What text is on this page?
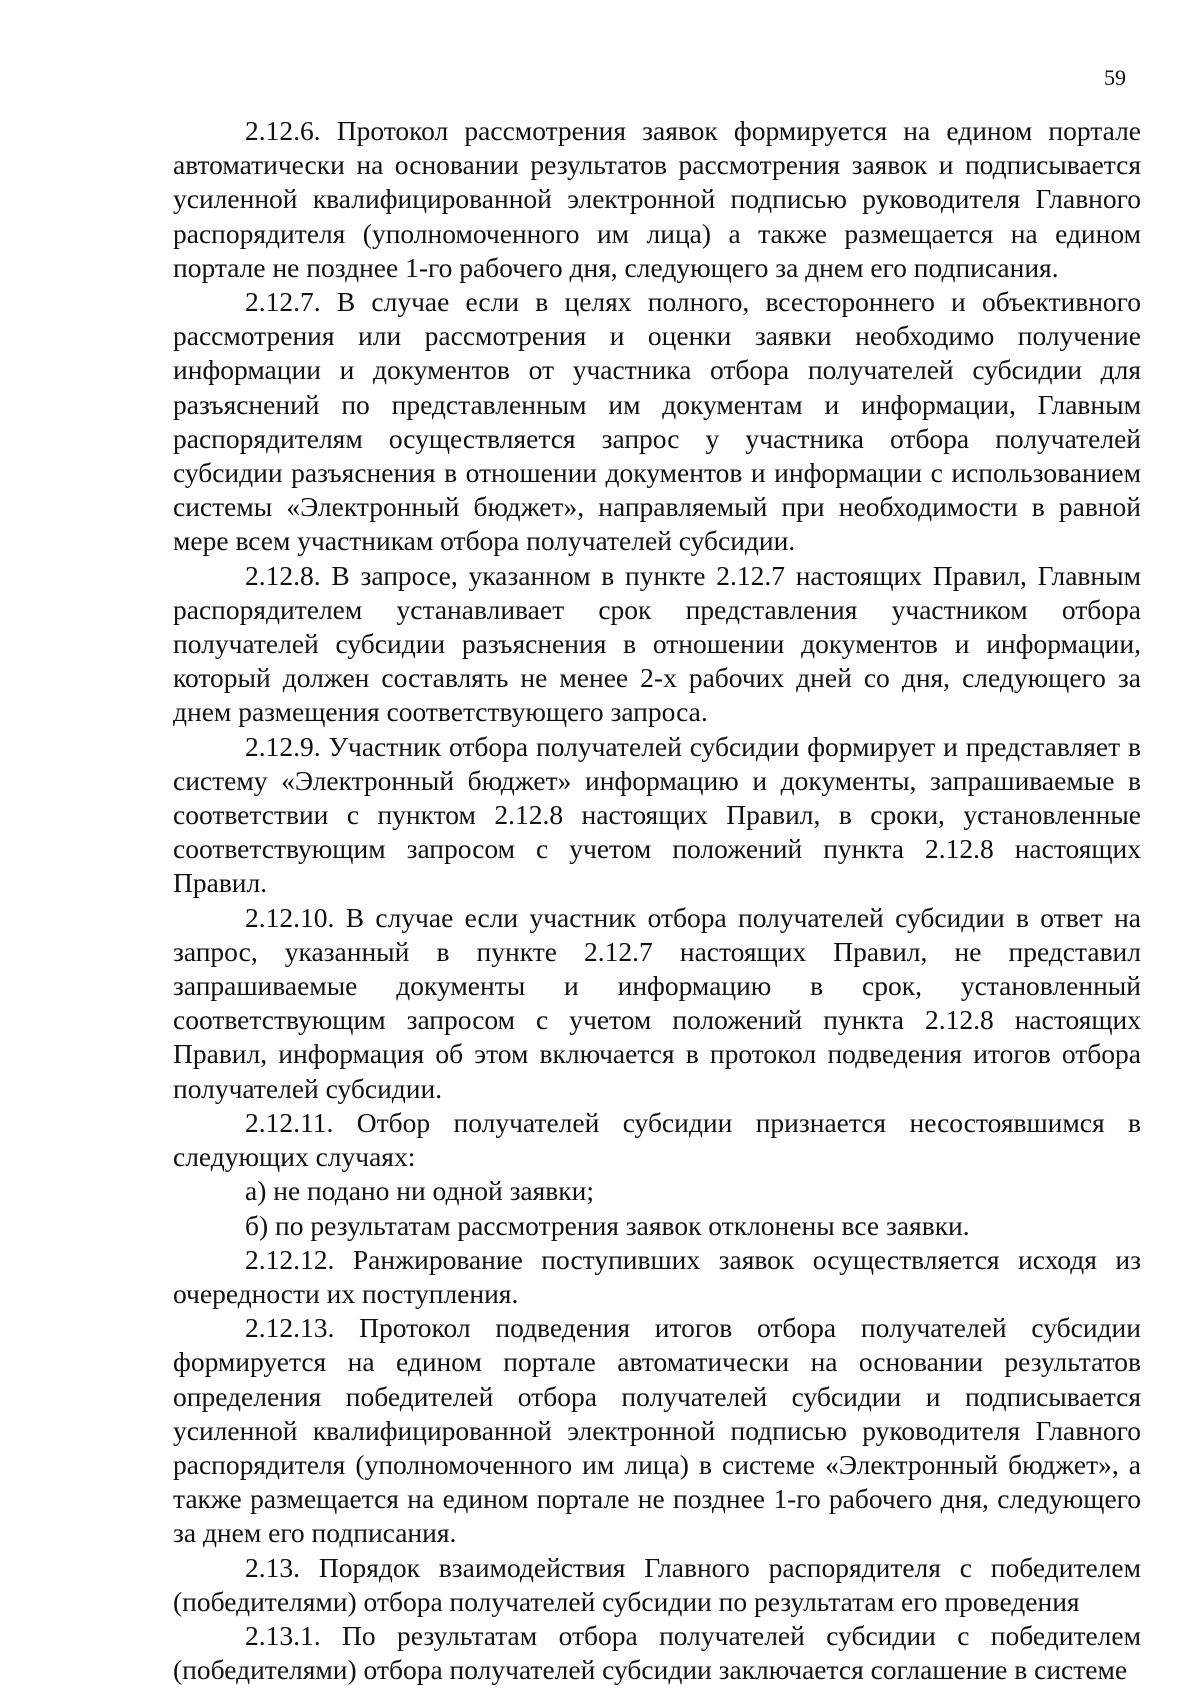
59

2.12.6. Протокол рассмотрения заявок формируется на едином портале автоматически на основании результатов рассмотрения заявок и подписывается усиленной квалифицированной электронной подписью руководителя Главного распорядителя (уполномоченного им лица) а также размещается на едином портале не позднее 1-го рабочего дня, следующего за днем его подписания.

2.12.7. В случае если в целях полного, всестороннего и объективного рассмотрения или рассмотрения и оценки заявки необходимо получение информации и документов от участника отбора получателей субсидии для разъяснений по представленным им документам и информации, Главным распорядителям осуществляется запрос у участника отбора получателей субсидии разъяснения в отношении документов и информации с использованием системы «Электронный бюджет», направляемый при необходимости в равной мере всем участникам отбора получателей субсидии.

2.12.8. В запросе, указанном в пункте 2.12.7 настоящих Правил, Главным распорядителем устанавливает срок представления участником отбора получателей субсидии разъяснения в отношении документов и информации, который должен составлять не менее 2-х рабочих дней со дня, следующего за днем размещения соответствующего запроса.

2.12.9. Участник отбора получателей субсидии формирует и представляет в систему «Электронный бюджет» информацию и документы, запрашиваемые в соответствии с пунктом 2.12.8 настоящих Правил, в сроки, установленные соответствующим запросом с учетом положений пункта 2.12.8 настоящих Правил.

2.12.10. В случае если участник отбора получателей субсидии в ответ на запрос, указанный в пункте 2.12.7 настоящих Правил, не представил запрашиваемые документы и информацию в срок, установленный соответствующим запросом с учетом положений пункта 2.12.8 настоящих Правил, информация об этом включается в протокол подведения итогов отбора получателей субсидии.

2.12.11. Отбор получателей субсидии признается несостоявшимся в следующих случаях:

а) не подано ни одной заявки;

б) по результатам рассмотрения заявок отклонены все заявки.

2.12.12. Ранжирование поступивших заявок осуществляется исходя из очередности их поступления.

2.12.13. Протокол подведения итогов отбора получателей субсидии формируется на едином портале автоматически на основании результатов определения победителей отбора получателей субсидии и подписывается усиленной квалифицированной электронной подписью руководителя Главного распорядителя (уполномоченного им лица) в системе «Электронный бюджет», а также размещается на едином портале не позднее 1-го рабочего дня, следующего за днем его подписания.

2.13. Порядок взаимодействия Главного распорядителя с победителем (победителями) отбора получателей субсидии по результатам его проведения

2.13.1. По результатам отбора получателей субсидии с победителем (победителями) отбора получателей субсидии заключается соглашение в системе
